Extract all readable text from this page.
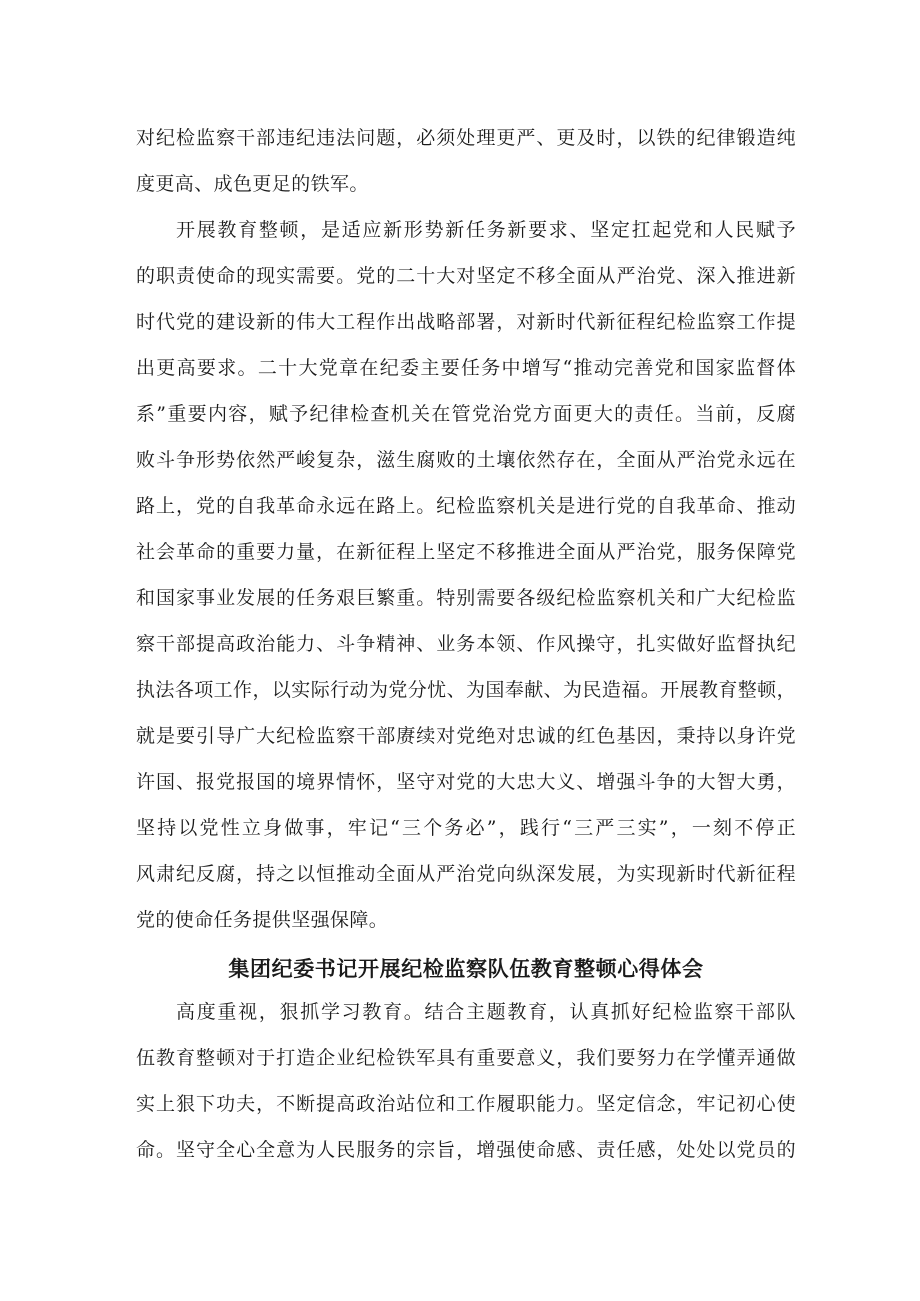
对纪检监察干部违纪违法问题，必须处理更严、更及时，以铁的纪律锻造纯
度更高、成色更足的铁军。
开展教育整顿，是适应新形势新任务新要求、坚定扛起党和人民赋予
的职责使命的现实需要。党的二十大对坚定不移全面从严治党、深入推进新
时代党的建设新的伟大工程作出战略部署，对新时代新征程纪检监察工作提
出更高要求。二十大党章在纪委主要任务中增写“推动完善党和国家监督体
系”重要内容，赋予纪律检查机关在管党治党方面更大的责任。当前，反腐
败斗争形势依然严峻复杂，滋生腐败的土壤依然存在，全面从严治党永远在
路上，党的自我革命永远在路上。纪检监察机关是进行党的自我革命、推动
社会革命的重要力量，在新征程上坚定不移推进全面从严治党，服务保障党
和国家事业发展的任务艰巨繁重。特别需要各级纪检监察机关和广大纪检监
察干部提高政治能力、斗争精神、业务本领、作风操守，扎实做好监督执纪
执法各项工作，以实际行动为党分忧、为国奉献、为民造福。开展教育整顿，
就是要引导广大纪检监察干部赓续对党绝对忠诚的红色基因，秉持以身许党
许国、报党报国的境界情怀，坚守对党的大忠大义、增强斗争的大智大勇，
坚持以党性立身做事，牢记“三个务必”，践行“三严三实”，一刻不停正
风肃纪反腐，持之以恒推动全面从严治党向纵深发展，为实现新时代新征程
党的使命任务提供坚强保障。
集团纪委书记开展纪检监察队伍教育整顿心得体会
高度重视，狠抓学习教育。结合主题教育，认真抓好纪检监察干部队
伍教育整顿对于打造企业纪检铁军具有重要意义，我们要努力在学懂弄通做
实上狠下功夫，不断提高政治站位和工作履职能力。坚定信念，牢记初心使
命。坚守全心全意为人民服务的宗旨，增强使命感、责任感，处处以党员的
